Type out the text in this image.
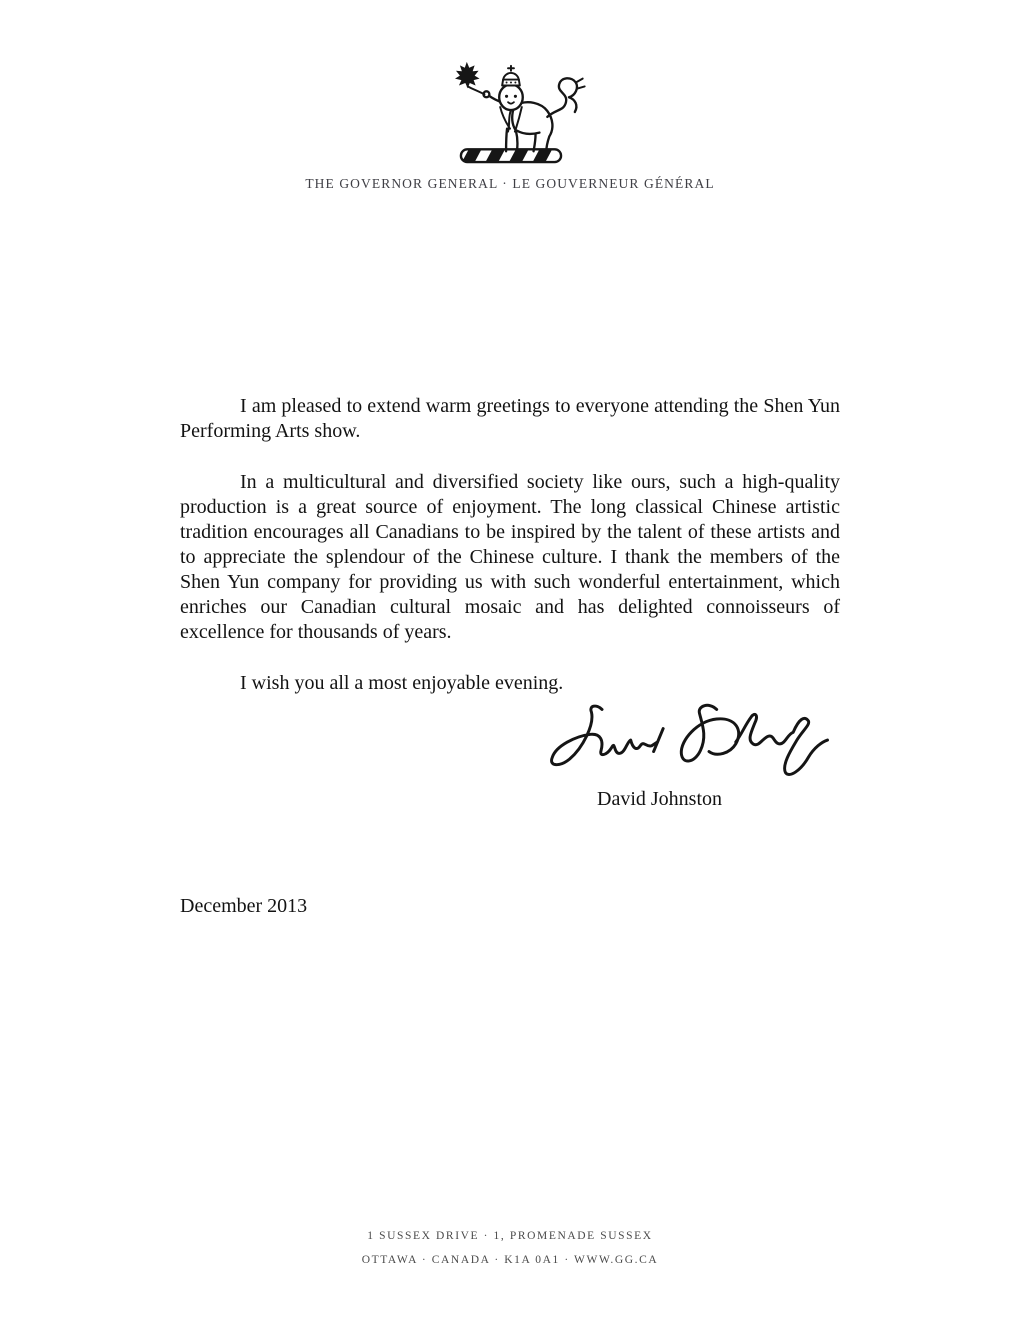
THE GOVERNOR GENERAL · LE GOUVERNEUR GÉNÉRAL

I am pleased to extend warm greetings to everyone attending the Shen Yun Performing Arts show.

In a multicultural and diversified society like ours, such a high-quality production is a great source of enjoyment. The long classical Chinese artistic tradition encourages all Canadians to be inspired by the talent of these artists and to appreciate the splendour of the Chinese culture. I thank the members of the Shen Yun company for providing us with such wonderful entertainment, which enriches our Canadian cultural mosaic and has delighted connoisseurs of excellence for thousands of years.

I wish you all a most enjoyable evening.

David Johnston
December 2013
1 SUSSEX DRIVE · 1, PROMENADE SUSSEX
OTTAWA · CANADA · K1A 0A1 · WWW.GG.CA
